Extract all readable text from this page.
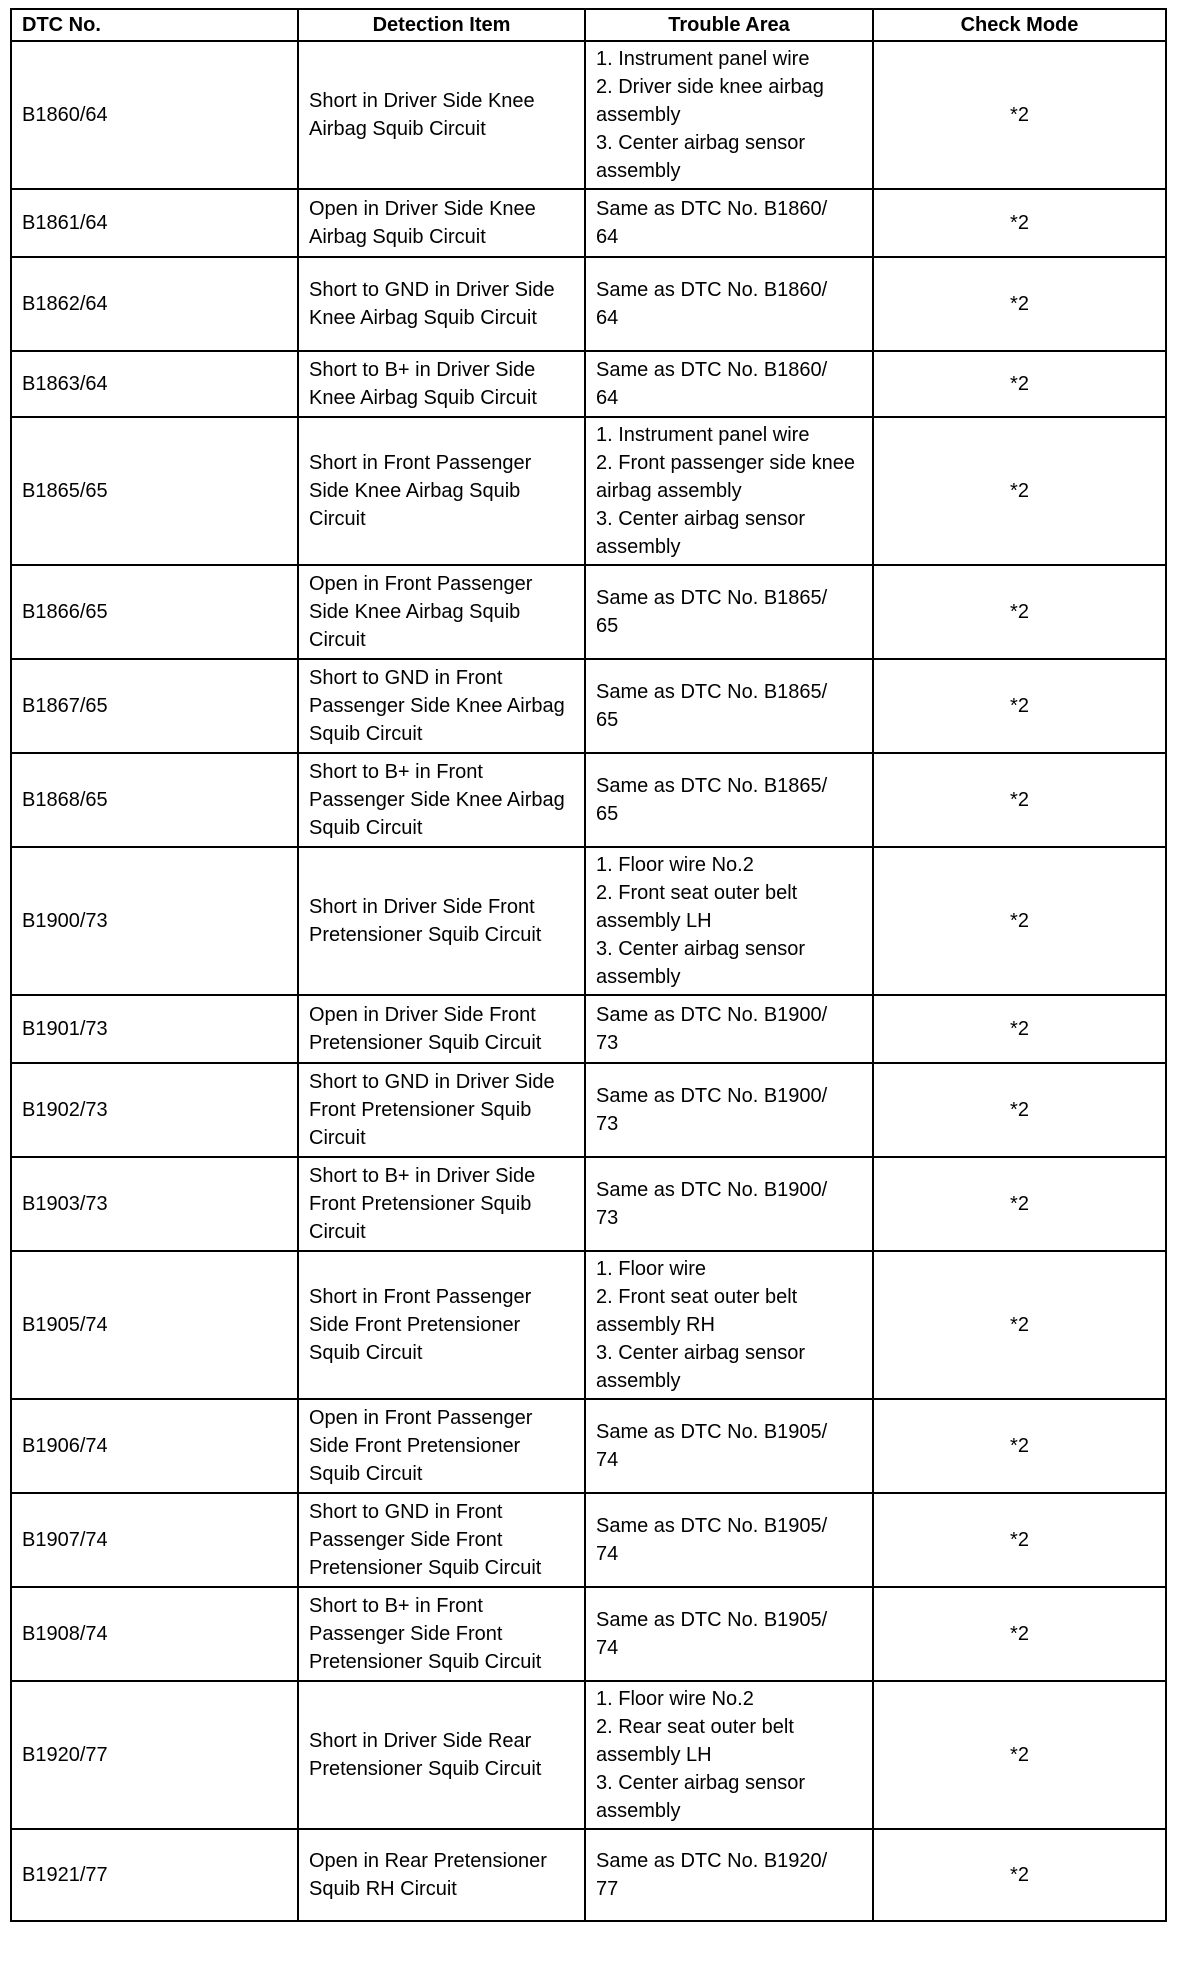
DTC No.	Detection Item	Trouble Area	Check Mode
B1860/64	Short in Driver Side Knee Airbag Squib Circuit	1. Instrument panel wire
2. Driver side knee airbag assembly
3. Center airbag sensor assembly	*2
B1861/64	Open in Driver Side Knee Airbag Squib Circuit	Same as DTC No. B1860/
64	*2
B1862/64	Short to GND in Driver Side Knee Airbag Squib Circuit	Same as DTC No. B1860/
64	*2
B1863/64	Short to B+ in Driver Side Knee Airbag Squib Circuit	Same as DTC No. B1860/
64	*2
B1865/65	Short in Front Passenger Side Knee Airbag Squib Circuit	1. Instrument panel wire
2. Front passenger side knee airbag assembly
3. Center airbag sensor assembly	*2
B1866/65	Open in Front Passenger Side Knee Airbag Squib Circuit	Same as DTC No. B1865/
65	*2
B1867/65	Short to GND in Front Passenger Side Knee Airbag Squib Circuit	Same as DTC No. B1865/
65	*2
B1868/65	Short to B+ in Front Passenger Side Knee Airbag Squib Circuit	Same as DTC No. B1865/
65	*2
B1900/73	Short in Driver Side Front Pretensioner Squib Circuit	1. Floor wire No.2
2. Front seat outer belt assembly LH
3. Center airbag sensor assembly	*2
B1901/73	Open in Driver Side Front Pretensioner Squib Circuit	Same as DTC No. B1900/
73	*2
B1902/73	Short to GND in Driver Side Front Pretensioner Squib Circuit	Same as DTC No. B1900/
73	*2
B1903/73	Short to B+ in Driver Side Front Pretensioner Squib Circuit	Same as DTC No. B1900/
73	*2
B1905/74	Short in Front Passenger Side Front Pretensioner Squib Circuit	1. Floor wire
2. Front seat outer belt assembly RH
3. Center airbag sensor assembly	*2
B1906/74	Open in Front Passenger Side Front Pretensioner Squib Circuit	Same as DTC No. B1905/
74	*2
B1907/74	Short to GND in Front Passenger Side Front Pretensioner Squib Circuit	Same as DTC No. B1905/
74	*2
B1908/74	Short to B+ in Front Passenger Side Front Pretensioner Squib Circuit	Same as DTC No. B1905/
74	*2
B1920/77	Short in Driver Side Rear Pretensioner Squib Circuit	1. Floor wire No.2
2. Rear seat outer belt assembly LH
3. Center airbag sensor assembly	*2
B1921/77	Open in Rear Pretensioner Squib RH Circuit	Same as DTC No. B1920/
77	*2
